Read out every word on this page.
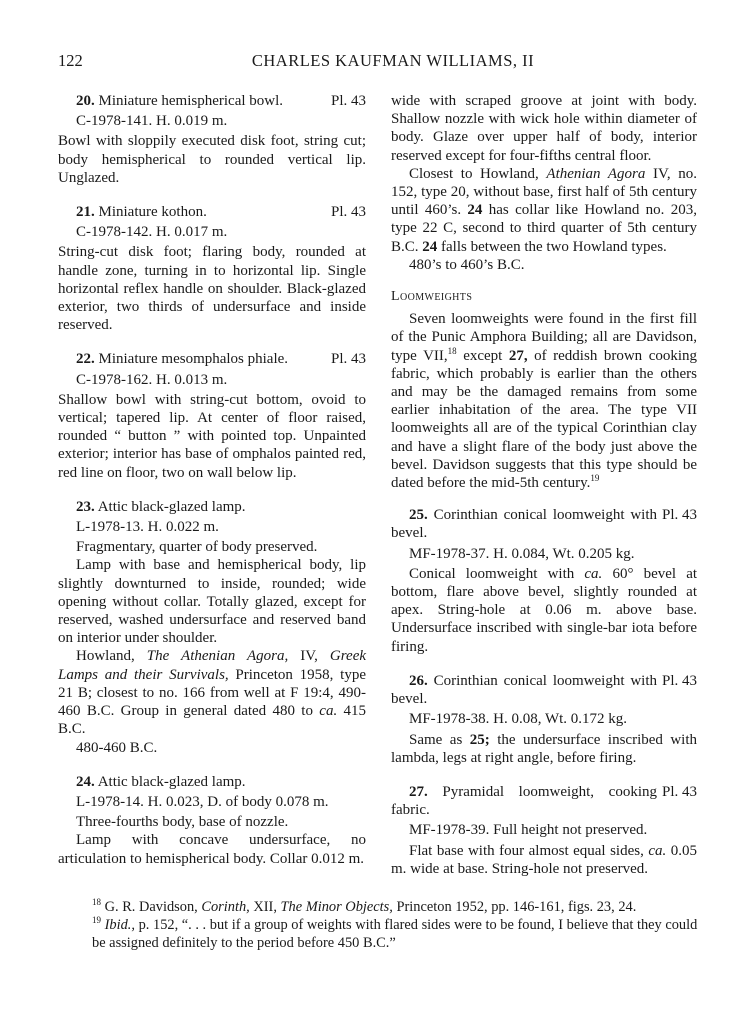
122	CHARLES KAUFMAN WILLIAMS, II

20. Miniature hemispherical bowl.	Pl. 43

C-1978-141. H. 0.019 m.

Bowl with sloppily executed disk foot, string cut; body hemispherical to rounded vertical lip. Unglazed.

21. Miniature kothon.	Pl. 43

C-1978-142. H. 0.017 m.

String-cut disk foot; flaring body, rounded at handle zone, turning in to horizontal lip. Single horizontal reflex handle on shoulder. Black-glazed exterior, two thirds of undersurface and inside reserved.

22. Miniature mesomphalos phiale.	Pl. 43

C-1978-162. H. 0.013 m.

Shallow bowl with string-cut bottom, ovoid to vertical; tapered lip. At center of floor raised, rounded “ button ” with pointed top. Unpainted exterior; interior has base of omphalos painted red, red line on floor, two on wall below lip.

23. Attic black-glazed lamp.

L-1978-13. H. 0.022 m.

Fragmentary, quarter of body preserved.

Lamp with base and hemispherical body, lip slightly downturned to inside, rounded; wide opening without collar. Totally glazed, except for reserved, washed undersurface and reserved band on interior under shoulder.

Howland, The Athenian Agora, IV, Greek Lamps and their Survivals, Princeton 1958, type 21 B; closest to no. 166 from well at F 19:4, 490-460 B.C. Group in general dated 480 to ca. 415 B.C.

480-460 B.C.

24. Attic black-glazed lamp.

L-1978-14. H. 0.023, D. of body 0.078 m.

Three-fourths body, base of nozzle.

Lamp with concave undersurface, no articulation to hemispherical body. Collar 0.012 m.

wide with scraped groove at joint with body. Shallow nozzle with wick hole within diameter of body. Glaze over upper half of body, interior reserved except for four-fifths central floor.

Closest to Howland, Athenian Agora IV, no. 152, type 20, without base, first half of 5th century until 460’s. 24 has collar like Howland no. 203, type 22 C, second to third quarter of 5th century B.C. 24 falls between the two Howland types.

480’s to 460’s B.C.

Loomweights

Seven loomweights were found in the first fill of the Punic Amphora Building; all are Davidson, type VII,$^{18}$ except 27, of reddish brown cooking fabric, which probably is earlier than the others and may be the damaged remains from some earlier inhabitation of the area. The type VII loomweights all are of the typical Corinthian clay and have a slight flare of the body just above the bevel. Davidson suggests that this type should be dated before the mid-5th century.$^{19}$

25. Corinthian conical loomweight with bevel.
Pl. 43

MF-1978-37. H. 0.084, Wt. 0.205 kg.

Conical loomweight with ca. 60° bevel at bottom, flare above bevel, slightly rounded at apex. String-hole at 0.06 m. above base. Undersurface inscribed with single-bar iota before firing.

26. Corinthian conical loomweight with bevel.
Pl. 43

MF-1978-38. H. 0.08, Wt. 0.172 kg.

Same as 25; the undersurface inscribed with lambda, legs at right angle, before firing.

27. Pyramidal loomweight, cooking fabric.
Pl. 43

MF-1978-39. Full height not preserved.

Flat base with four almost equal sides, ca. 0.05 m. wide at base. String-hole not preserved.

$^{18}$ G. R. Davidson, Corinth, XII, The Minor Objects, Princeton 1952, pp. 146-161, figs. 23, 24.

$^{19}$ Ibid., p. 152, “. . . but if a group of weights with flared sides were to be found, I believe that they could be assigned definitely to the period before 450 B.C.”
